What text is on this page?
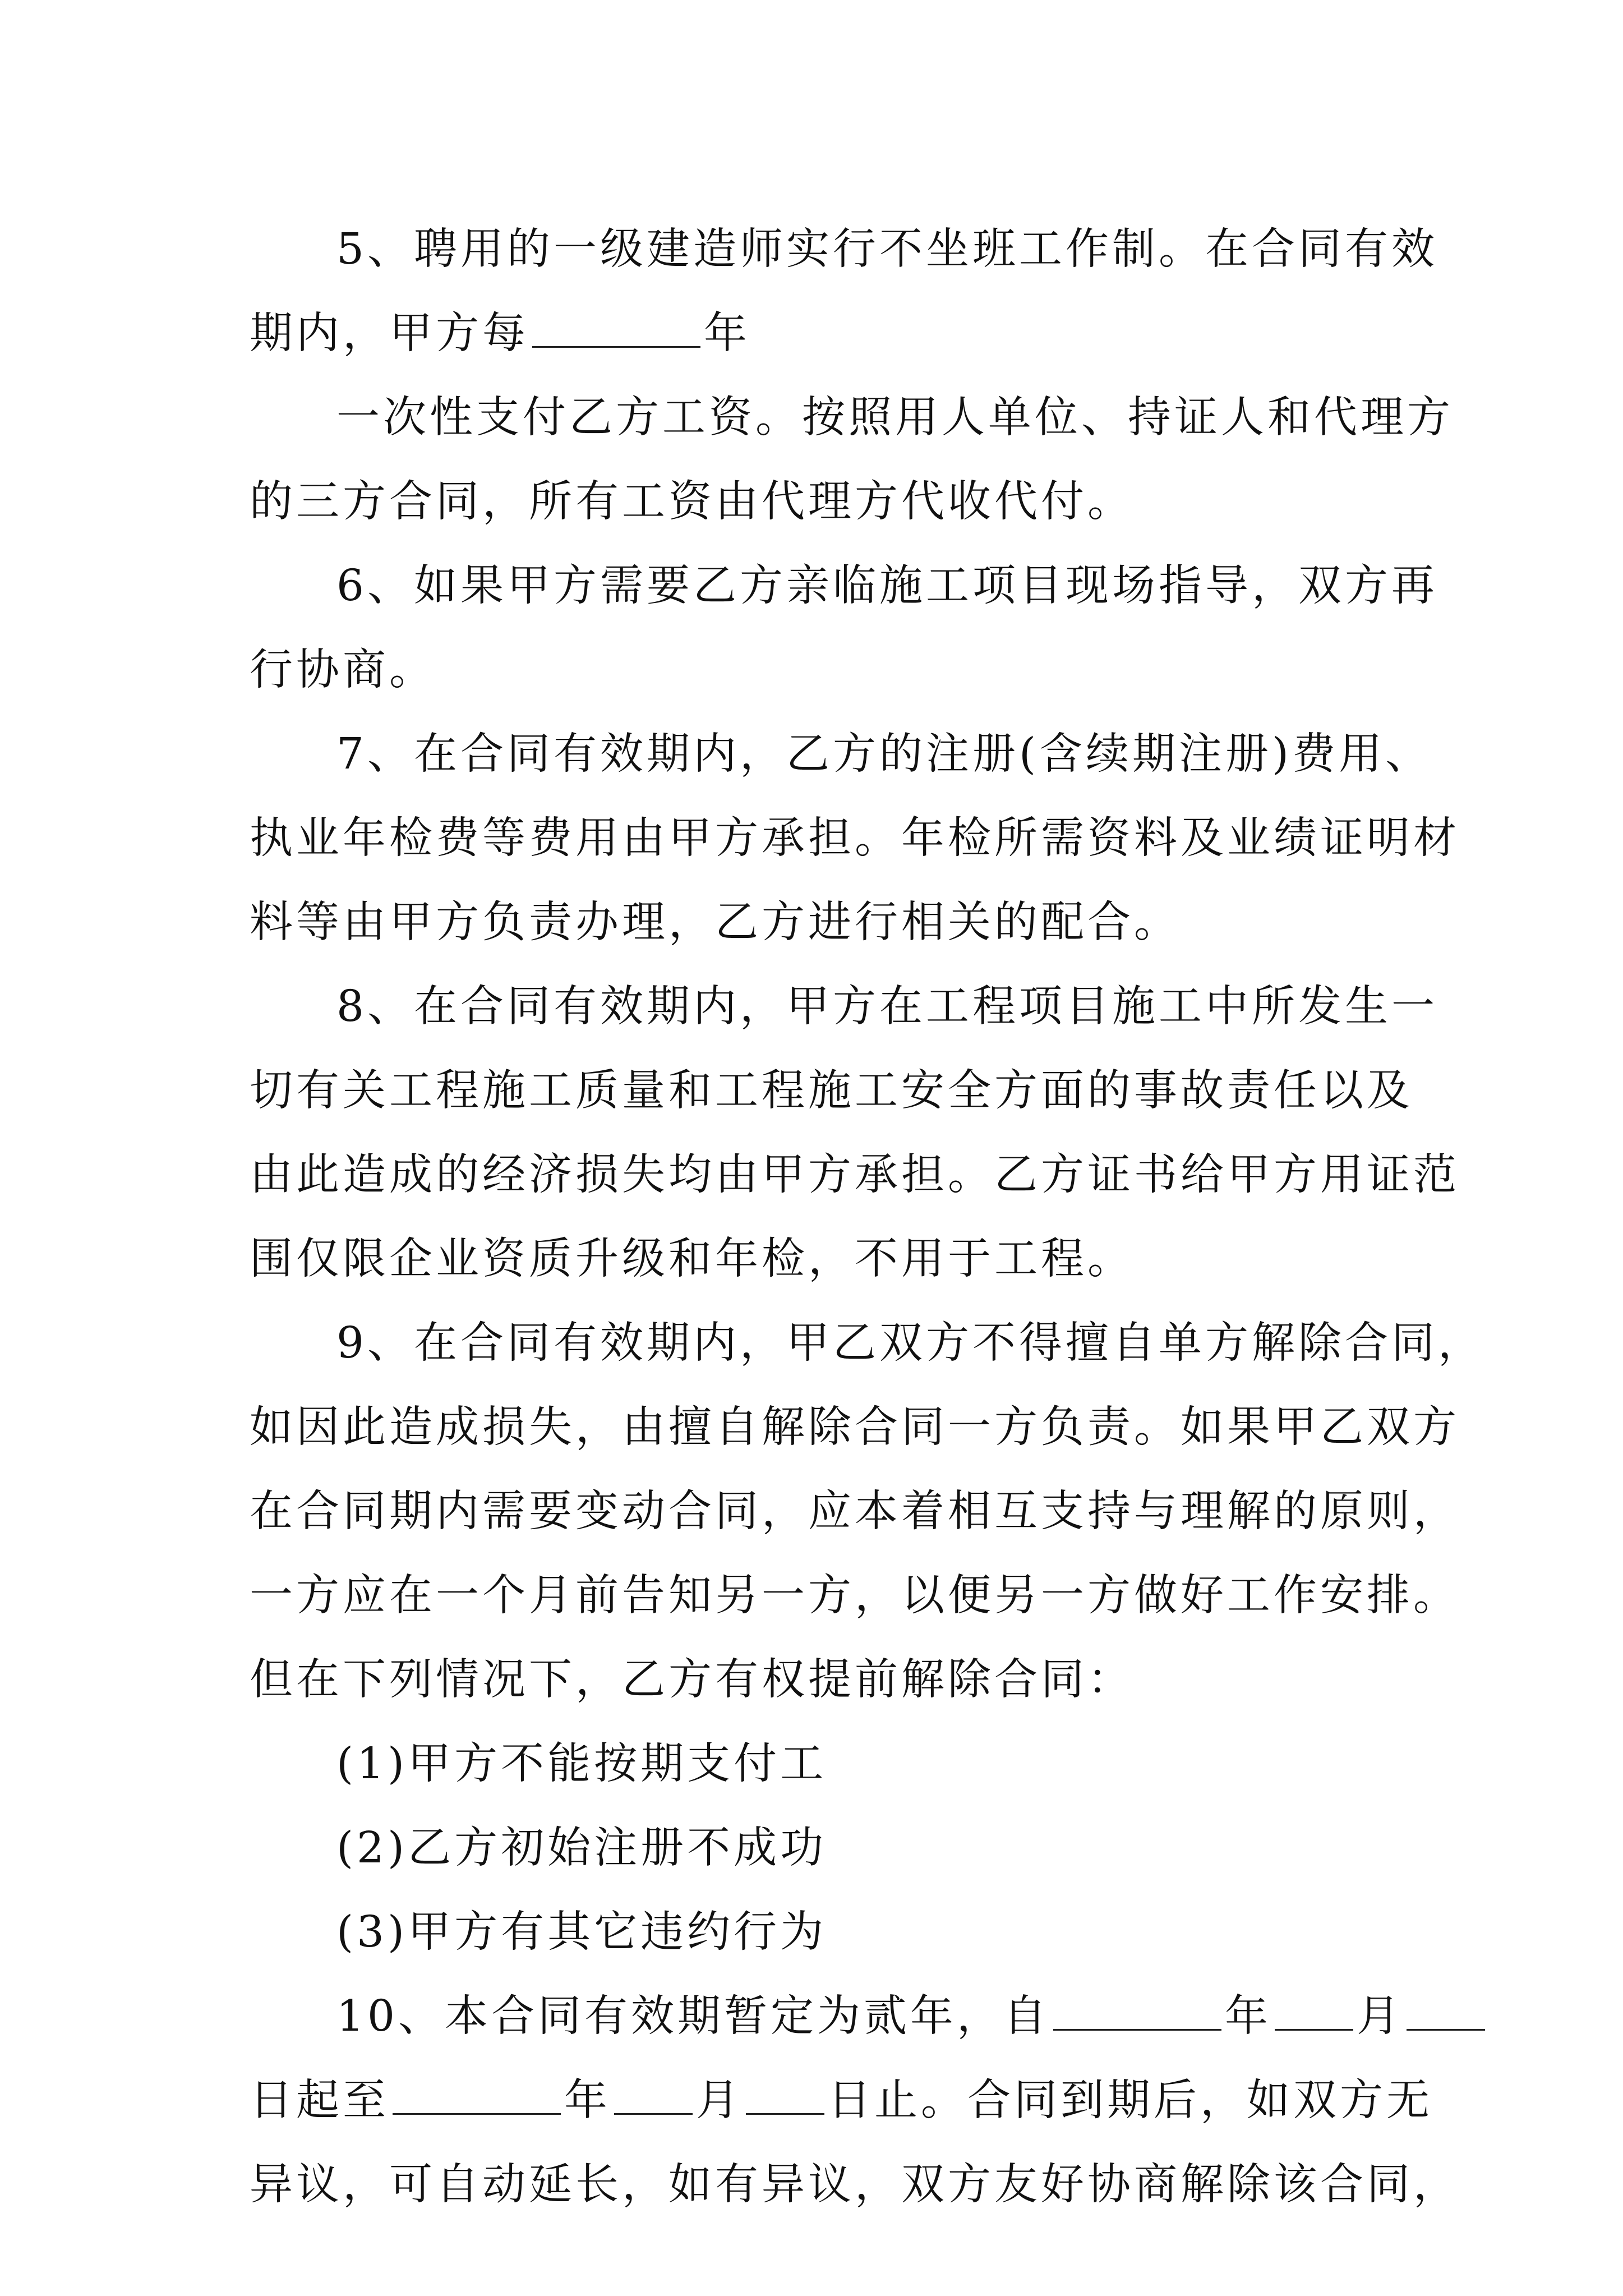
5、聘用的一级建造师实行不坐班工作制。在合同有效
期内，甲方每	年
一次性支付乙方工资。按照用人单位、持证人和代理方
的三方合同，所有工资由代理方代收代付。
6、如果甲方需要乙方亲临施工项目现场指导，双方再
行协商。
7、在合同有效期内，乙方的注册(含续期注册)费用、
执业年检费等费用由甲方承担。年检所需资料及业绩证明材
料等由甲方负责办理，乙方进行相关的配合。
8、在合同有效期内，甲方在工程项目施工中所发生一
切有关工程施工质量和工程施工安全方面的事故责任以及
由此造成的经济损失均由甲方承担。乙方证书给甲方用证范
围仅限企业资质升级和年检，不用于工程。
9、在合同有效期内，甲乙双方不得擅自单方解除合同，
如因此造成损失，由擅自解除合同一方负责。如果甲乙双方
在合同期内需要变动合同，应本着相互支持与理解的原则，
一方应在一个月前告知另一方，以便另一方做好工作安排。
但在下列情况下，乙方有权提前解除合同：
(1)甲方不能按期支付工
(2)乙方初始注册不成功
(3)甲方有其它违约行为
10、本合同有效期暂定为贰年，自	年 月
日起至	年 月 日止。合同到期后，如双方无
异议，可自动延长，如有异议，双方友好协商解除该合同，
